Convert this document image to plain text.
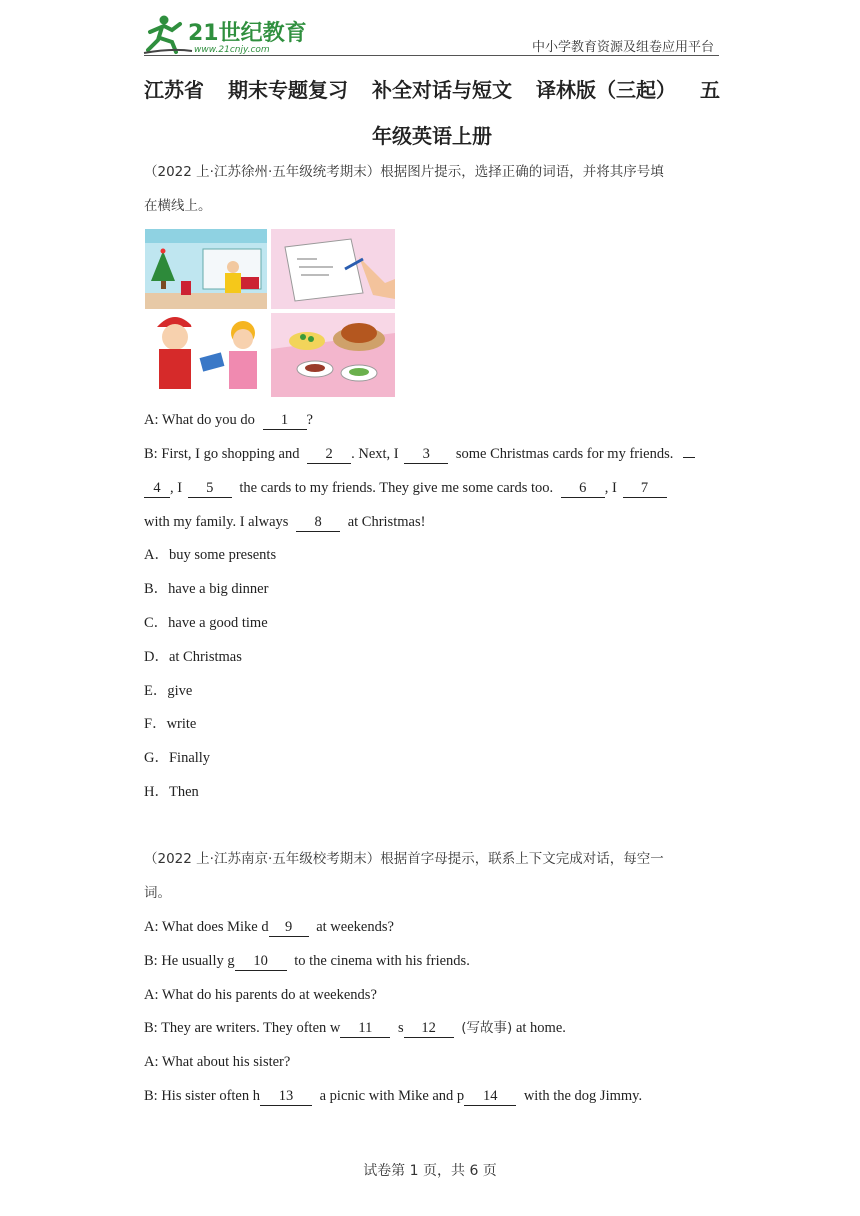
21世纪教育
www.21cnjy.com	中小学教育资源及组卷应用平台
江苏省 期末专题复习 补全对话与短文 译林版（三起） 五
年级英语上册
（2022 上·江苏徐州·五年级统考期末）根据图片提示，选择正确的词语，并将其序号填
在横线上。
A: What do you do 1 ?
B: First, I go shopping and 2 . Next, I 3 some Christmas cards for my friends.
4 , I 5 the cards to my friends. They give me some cards too. 6 , I 7
with my family. I always 8 at Christmas!
A．buy some presents
B．have a big dinner
C．have a good time
D．at Christmas
E．give
F．write
G．Finally
H．Then
（2022 上·江苏南京·五年级校考期末）根据首字母提示，联系上下文完成对话，每空一
词。
A: What does Mike d 9 at weekends?
B: He usually g 10 to the cinema with his friends.
A: What do his parents do at weekends?
B: They are writers. They often w 11 s 12 (写故事) at home.
A: What about his sister?
B: His sister often h 13 a picnic with Mike and p 14 with the dog Jimmy.
试卷第 1 页，共 6 页
